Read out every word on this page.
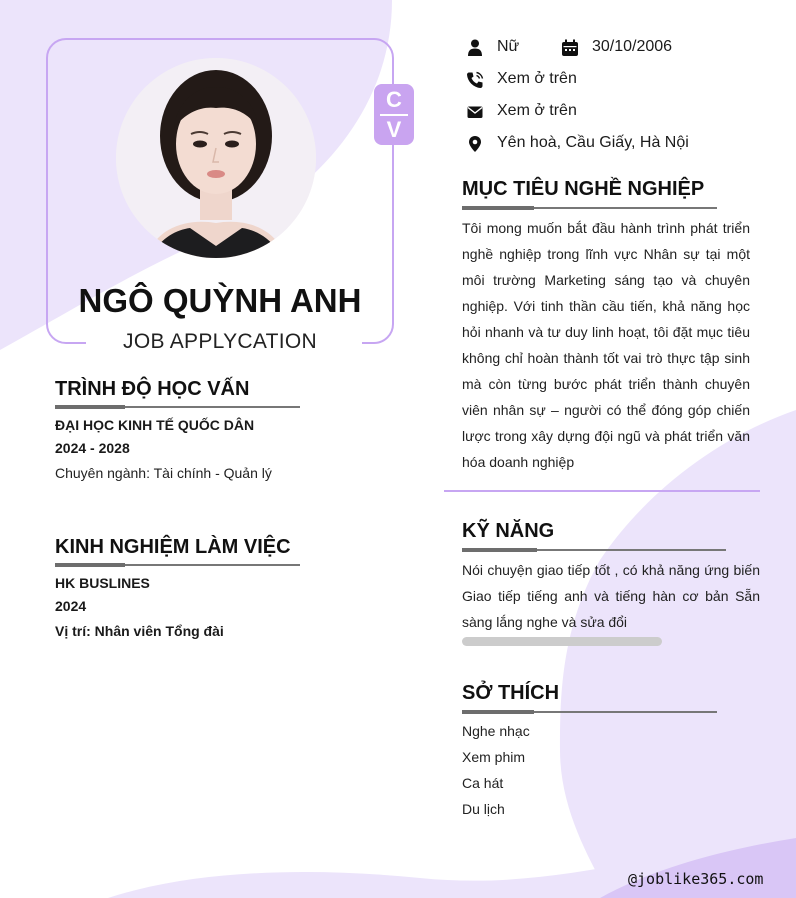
C
V
NGÔ QUỲNH ANH
JOB APPLYCATION
Nữ	30/10/2006
Xem ở trên
Xem ở trên
Yên hoà, Cầu Giấy, Hà Nội
MỤC TIÊU NGHỀ NGHIỆP
Tôi mong muốn bắt đầu hành trình phát triển nghề nghiệp trong lĩnh vực Nhân sự tại một môi trường Marketing sáng tạo và chuyên nghiệp. Với tinh thần cầu tiến, khả năng học hỏi nhanh và tư duy linh hoạt, tôi đặt mục tiêu không chỉ hoàn thành tốt vai trò thực tập sinh mà còn từng bước phát triển thành chuyên viên nhân sự – người có thể đóng góp chiến lược trong xây dựng đội ngũ và phát triển văn hóa doanh nghiệp
KỸ NĂNG
Nói chuyện giao tiếp tốt , có khả năng ứng biến Giao tiếp tiếng anh và tiếng hàn cơ bản Sẵn sàng lắng nghe và sửa đổi
SỞ THÍCH
Nghe nhạc
Xem phim
Ca hát
Du lịch
TRÌNH ĐỘ HỌC VẤN
ĐẠI HỌC KINH TẾ QUỐC DÂN
2024 - 2028
Chuyên ngành: Tài chính - Quản lý
KINH NGHIỆM LÀM VIỆC
HK BUSLINES
2024
Vị trí: Nhân viên Tổng đài
@joblike365.com
